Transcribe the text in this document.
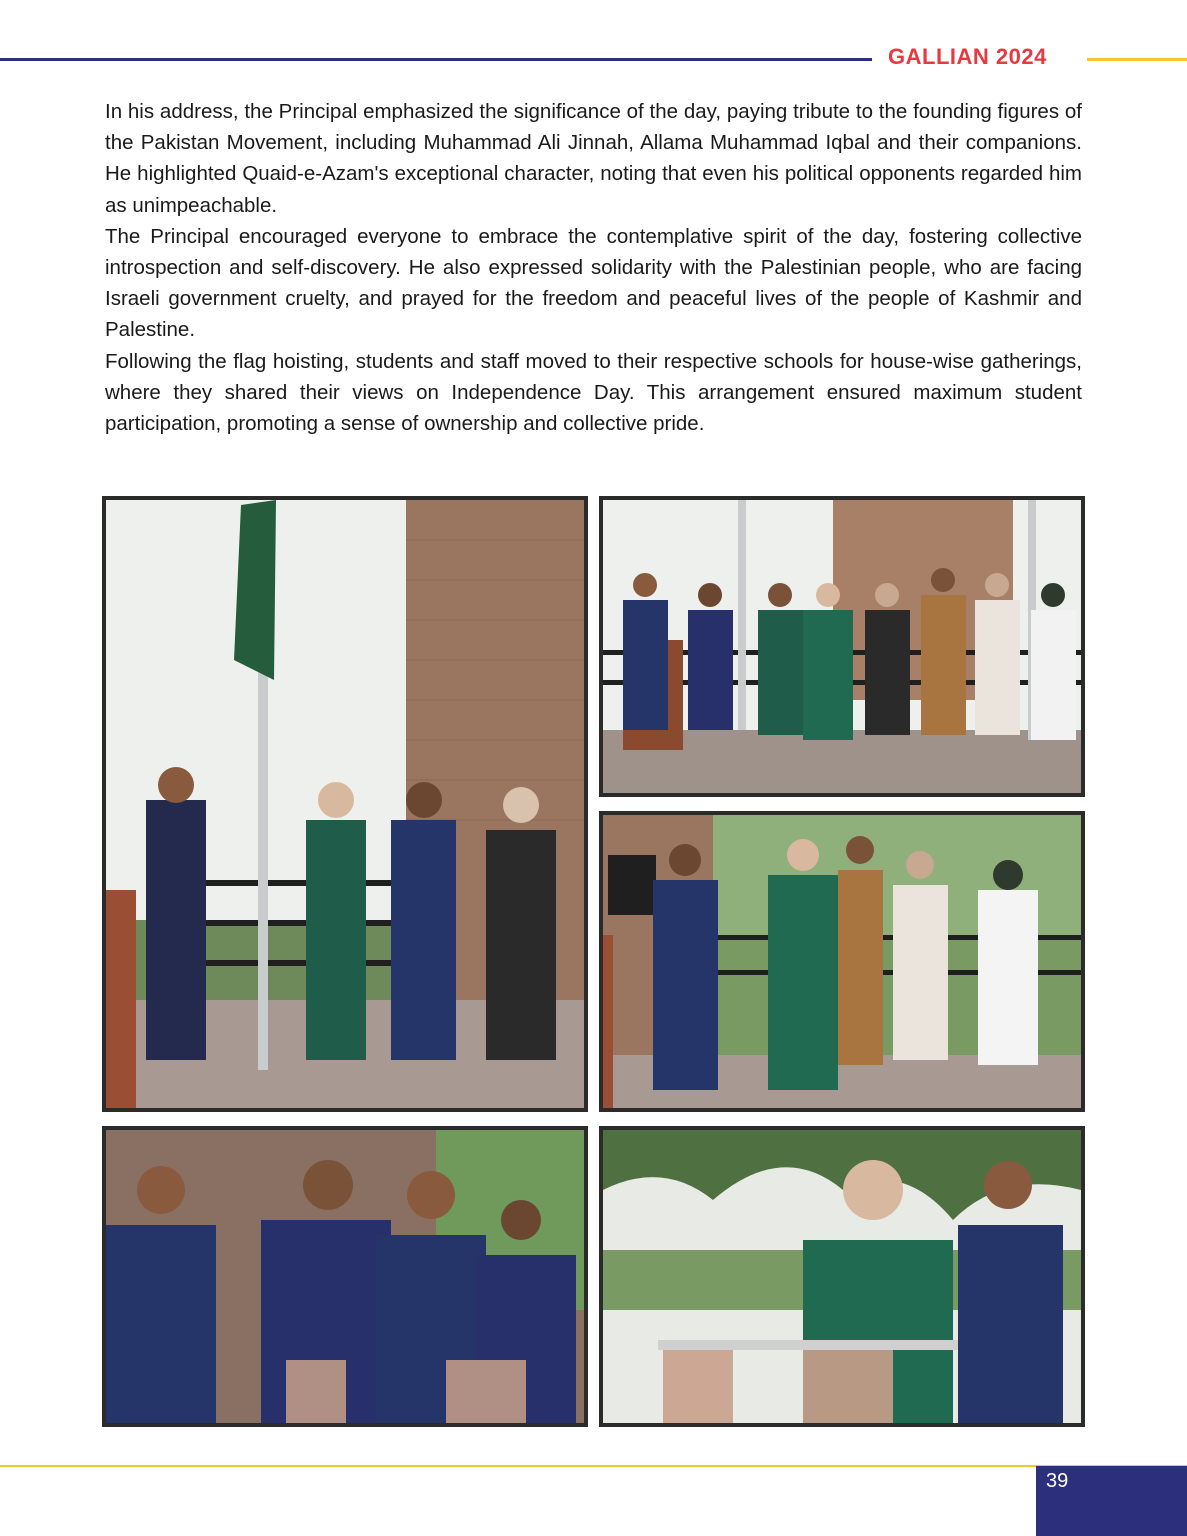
GALLIAN 2024

In his address, the Principal emphasized the significance of the day, paying tribute to the founding figures of the Pakistan Movement, including Muhammad Ali Jinnah, Allama Muhammad Iqbal and their companions. He highlighted Quaid-e-Azam's exceptional character, noting that even his political opponents regarded him as unimpeachable.

The Principal encouraged everyone to embrace the contemplative spirit of the day, fostering collective introspection and self-discovery. He also expressed solidarity with the Palestinian people, who are facing Israeli government cruelty, and prayed for the freedom and peaceful lives of the people of Kashmir and Palestine.

Following the flag hoisting, students and staff moved to their respective schools for house-wise gatherings, where they shared their views on Independence Day. This arrangement ensured maximum student participation, promoting a sense of ownership and collective pride.

39
